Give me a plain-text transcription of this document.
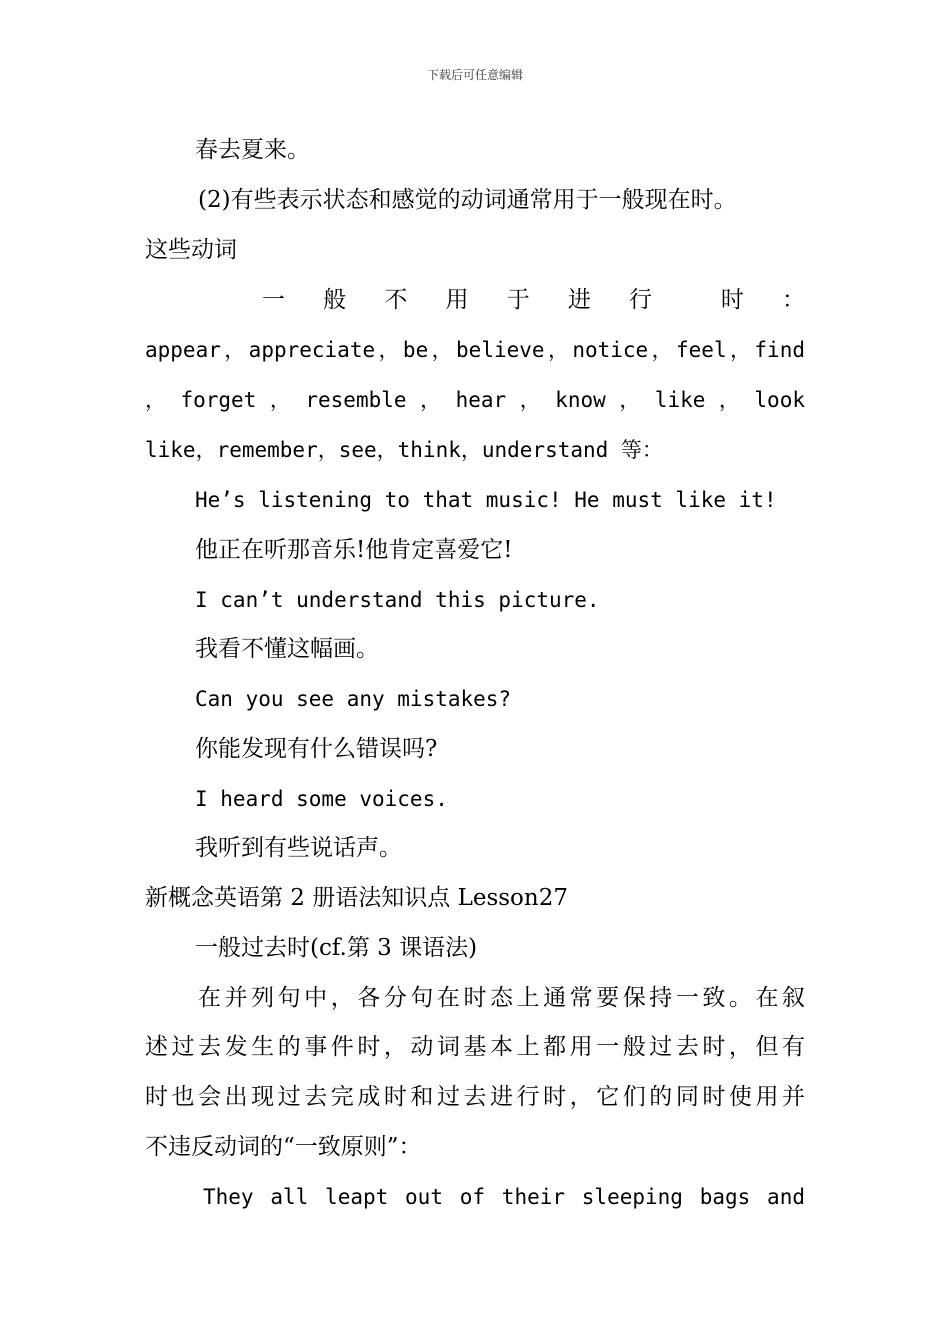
下载后可任意编辑
春去夏来。
(2)有些表示状态和感觉的动词通常用于一般现在时。
这些动词
一　般　不　用　于　进　行　　时　：
appear，appreciate，be，believe，notice，feel，find
， forget ， resemble ， hear ， know ， like ， look
like，remember，see，think，understand 等：
He’s listening to that music! He must like it!
他正在听那音乐!他肯定喜爱它!
I can’t understand this picture.
我看不懂这幅画。
Can you see any mistakes?
你能发现有什么错误吗?
I heard some voices.
我听到有些说话声。
新概念英语第 2 册语法知识点 Lesson27
一般过去时(cf.第 3 课语法)
在并列句中，各分句在时态上通常要保持一致。在叙
述过去发生的事件时，动词基本上都用一般过去时，但有
时也会出现过去完成时和过去进行时，它们的同时使用并
不违反动词的“一致原则”：
They all leapt out of their sleeping bags and
